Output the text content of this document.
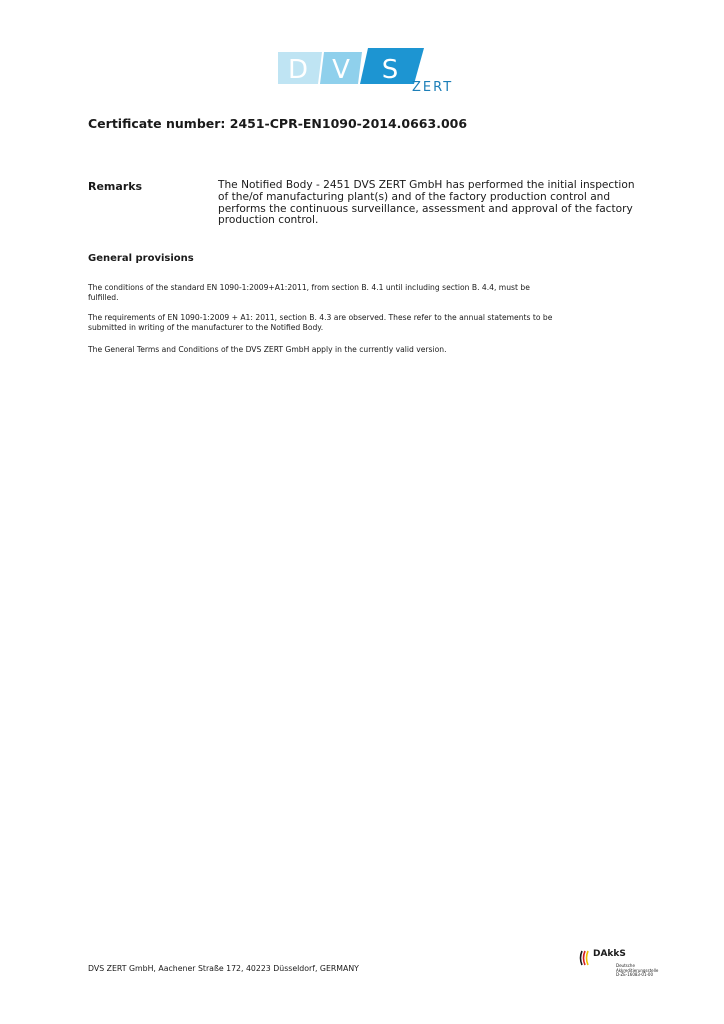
D V S
ZERT
Certificate number: 2451-CPR-EN1090-2014.0663.006
Remarks	The Notified Body - 2451 DVS ZERT GmbH has performed the initial inspection of the/of manufacturing plant(s) and of the factory production control and performs the continuous surveillance, assessment and approval of the factory production control.
General provisions
The conditions of the standard EN 1090-1:2009+A1:2011, from section B. 4.1 until including section B. 4.4, must be fulfilled.
The requirements of EN 1090-1:2009 + A1: 2011, section B. 4.3 are observed. These refer to the annual statements to be submitted in writing of the manufacturer to the Notified Body.
The General Terms and Conditions of the DVS ZERT GmbH apply in the currently valid version.
DVS ZERT GmbH, Aachener Straße 172, 40223 Düsseldorf, GERMANY
DAkkS
Deutsche
Akkreditierungsstelle
D-ZE-16083-01-00
